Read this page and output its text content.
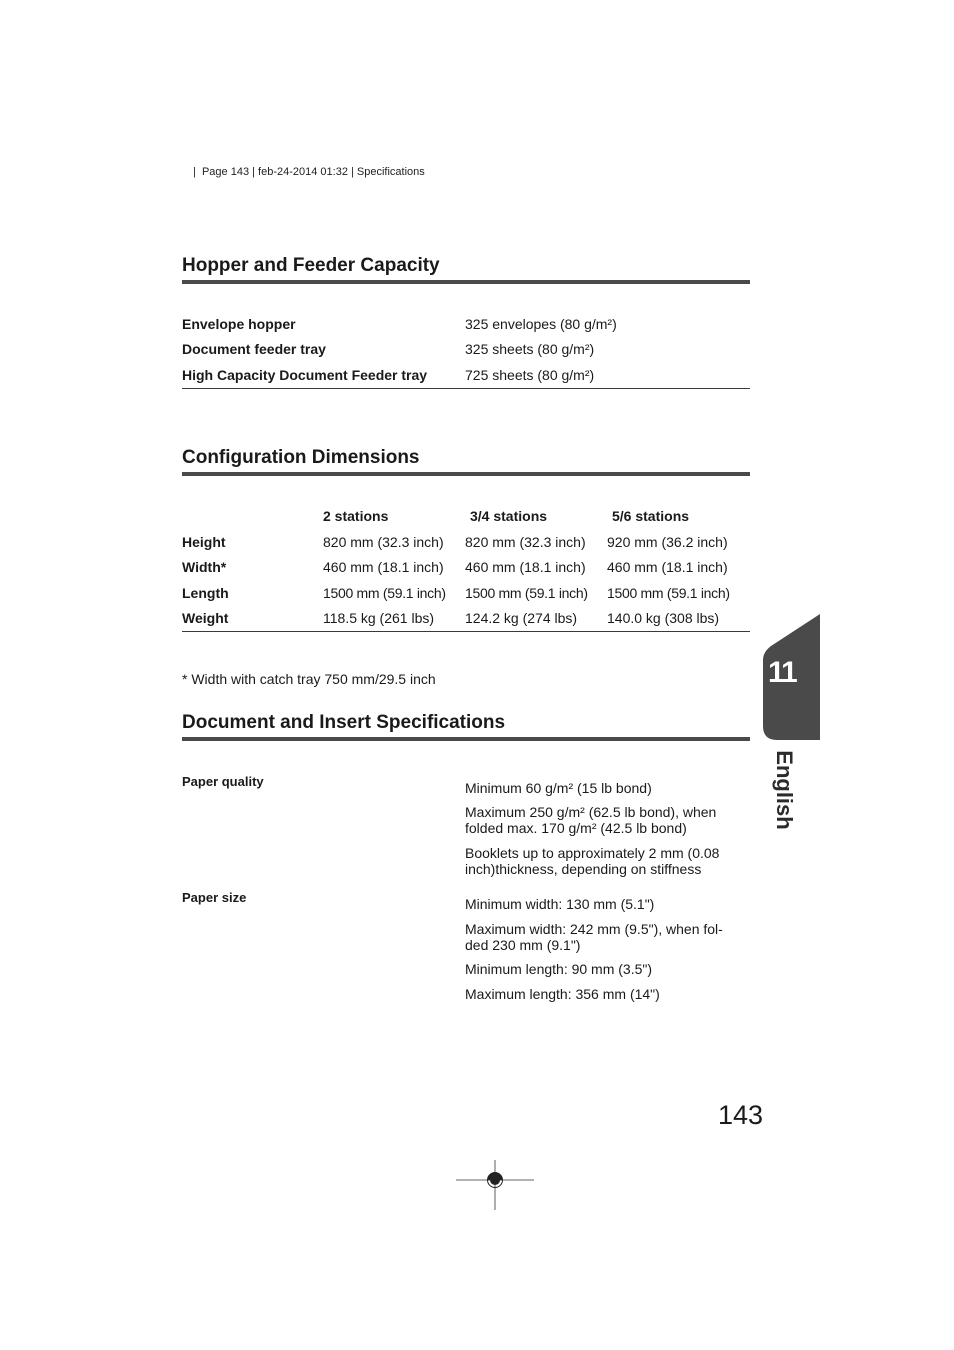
|  Page 143 | feb-24-2014 01:32 | Specifications
Hopper and Feeder Capacity
Envelope hopper	325 envelopes (80 g/m²)
Document feeder tray	325 sheets (80 g/m²)
High Capacity Document Feeder tray	725 sheets (80 g/m²)
Configuration Dimensions
2 stations	3/4 stations	5/6 stations
Height	820 mm (32.3 inch) 820 mm (32.3 inch) 920 mm (36.2 inch)
Width*	460 mm (18.1 inch) 460 mm (18.1 inch) 460 mm (18.1 inch)
Length	1500 mm (59.1 inch) 1500 mm (59.1 inch) 1500 mm (59.1 inch)
Weight	118.5 kg (261 lbs) 124.2 kg (274 lbs) 140.0 kg (308 lbs)
* Width with catch tray 750 mm/29.5 inch
Document and Insert Specifications
Paper quality	Minimum 60 g/m² (15 lb bond)
Maximum 250 g/m² (62.5 lb bond), when folded max. 170 g/m² (42.5 lb bond)
Booklets up to approximately 2 mm (0.08 inch)thickness, depending on stiffness
Paper size	Minimum width: 130 mm (5.1")
Maximum width: 242 mm (9.5"), when fol-ded 230 mm (9.1")
Minimum length: 90 mm (3.5")
Maximum length: 356 mm (14")
11
English
143
